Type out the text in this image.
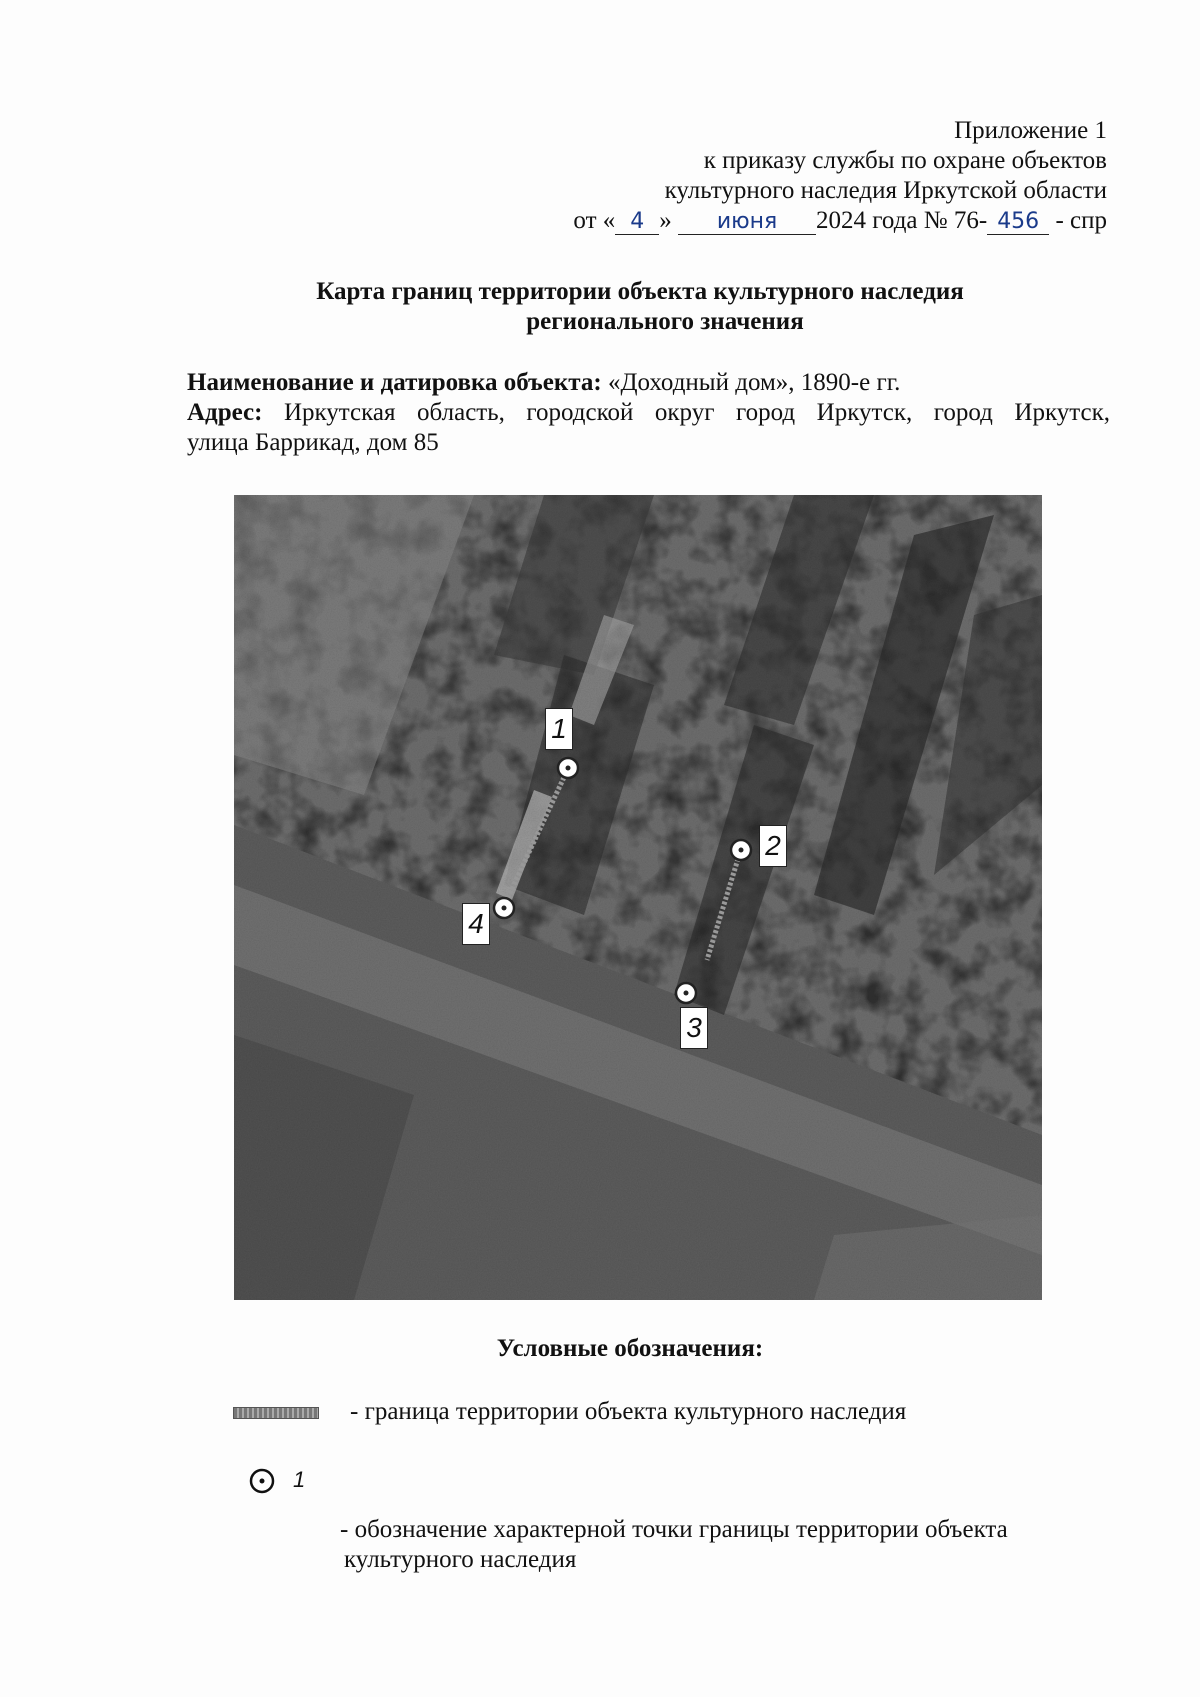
Приложение 1
к приказу службы по охране объектов
культурного наследия Иркутской области
от « 4 » июня 2024 года № 76- 456 - спр
Карта границ территории объекта культурного наследия
регионального значения
Наименование и датировка объекта: «Доходный дом», 1890-е гг.
Адрес: Иркутская область, городской округ город Иркутск, город Иркутск,
улица Баррикад, дом 85
1
2
3
4
Условные обозначения:
- граница территории объекта культурного наследия
1
- обозначение характерной точки границы территории объекта культурного наследия
